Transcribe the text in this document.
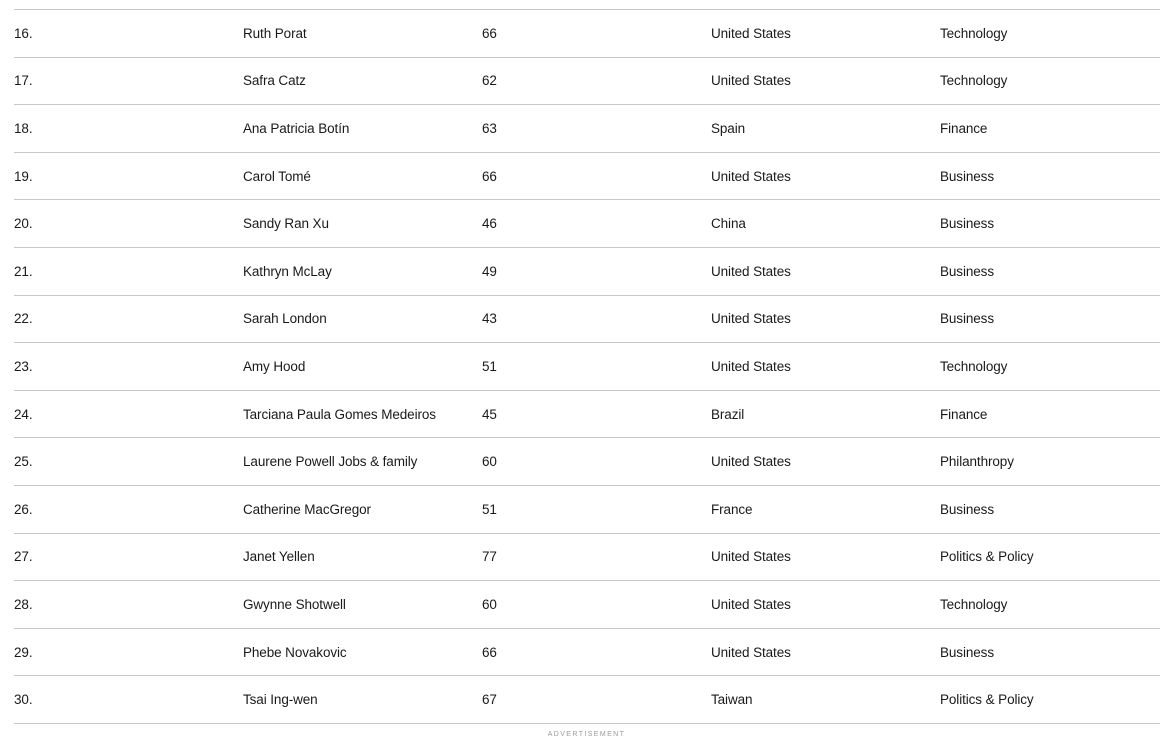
16.	Ruth Porat	66	United States	Technology
17.	Safra Catz	62	United States	Technology
18.	Ana Patricia Botín	63	Spain	Finance
19.	Carol Tomé	66	United States	Business
20.	Sandy Ran Xu	46	China	Business
21.	Kathryn McLay	49	United States	Business
22.	Sarah London	43	United States	Business
23.	Amy Hood	51	United States	Technology
24.	Tarciana Paula Gomes Medeiros	45	Brazil	Finance
25.	Laurene Powell Jobs & family	60	United States	Philanthropy
26.	Catherine MacGregor	51	France	Business
27.	Janet Yellen	77	United States	Politics & Policy
28.	Gwynne Shotwell	60	United States	Technology
29.	Phebe Novakovic	66	United States	Business
30.	Tsai Ing-wen	67	Taiwan	Politics & Policy
ADVERTISEMENT
